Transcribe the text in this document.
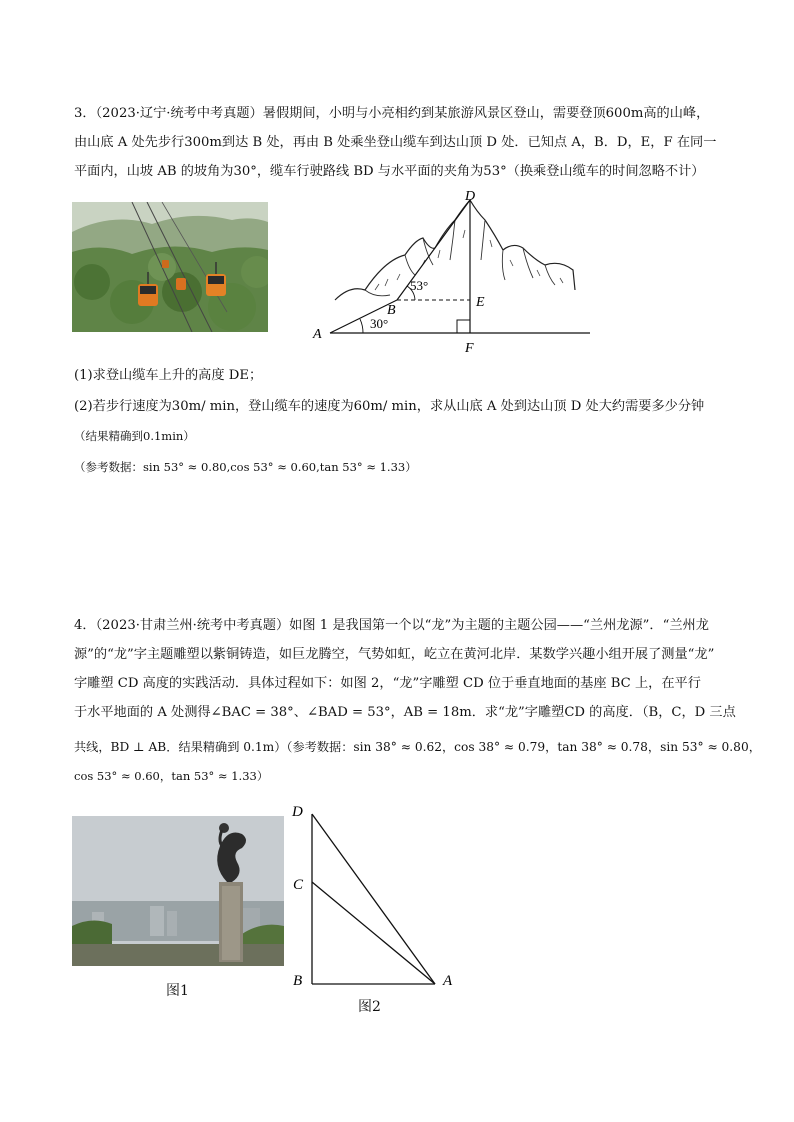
3．（2023·辽宁·统考中考真题）暑假期间，小明与小亮相约到某旅游风景区登山，需要登顶600m高的山峰，
由山底 A 处先步行300m到达 B 处，再由 B 处乘坐登山缆车到达山顶 D 处．已知点 A，B．D，E，F 在同一
平面内，山坡 AB 的坡角为30°，缆车行驶路线 BD 与水平面的夹角为53°（换乘登山缆车的时间忽略不计）
A
B
D
E
F
30°
53°
(1)求登山缆车上升的高度 DE；
(2)若步行速度为30m/ min，登山缆车的速度为60m/ min，求从山底 A 处到达山顶 D 处大约需要多少分钟
（结果精确到0.1min）
（参考数据：sin 53° ≈ 0.80,cos 53° ≈ 0.60,tan 53° ≈ 1.33）
4．（2023·甘肃兰州·统考中考真题）如图 1 是我国第一个以“龙”为主题的主题公园——“兰州龙源”．“兰州龙
源”的“龙”字主题雕塑以紫铜铸造，如巨龙腾空，气势如虹，屹立在黄河北岸．某数学兴趣小组开展了测量“龙”
字雕塑 CD 高度的实践活动．具体过程如下：如图 2，“龙”字雕塑 CD 位于垂直地面的基座 BC 上，在平行
于水平地面的 A 处测得∠BAC = 38°、∠BAD = 53°，AB = 18m．求“龙”字雕塑CD 的高度．（B，C，D 三点
共线，BD ⊥ AB．结果精确到 0.1m）（参考数据：sin 38° ≈ 0.62，cos 38° ≈ 0.79，tan 38° ≈ 0.78，sin 53° ≈ 0.80，
cos 53° ≈ 0.60，tan 53° ≈ 1.33）
图1
D
C
B	A
图2
